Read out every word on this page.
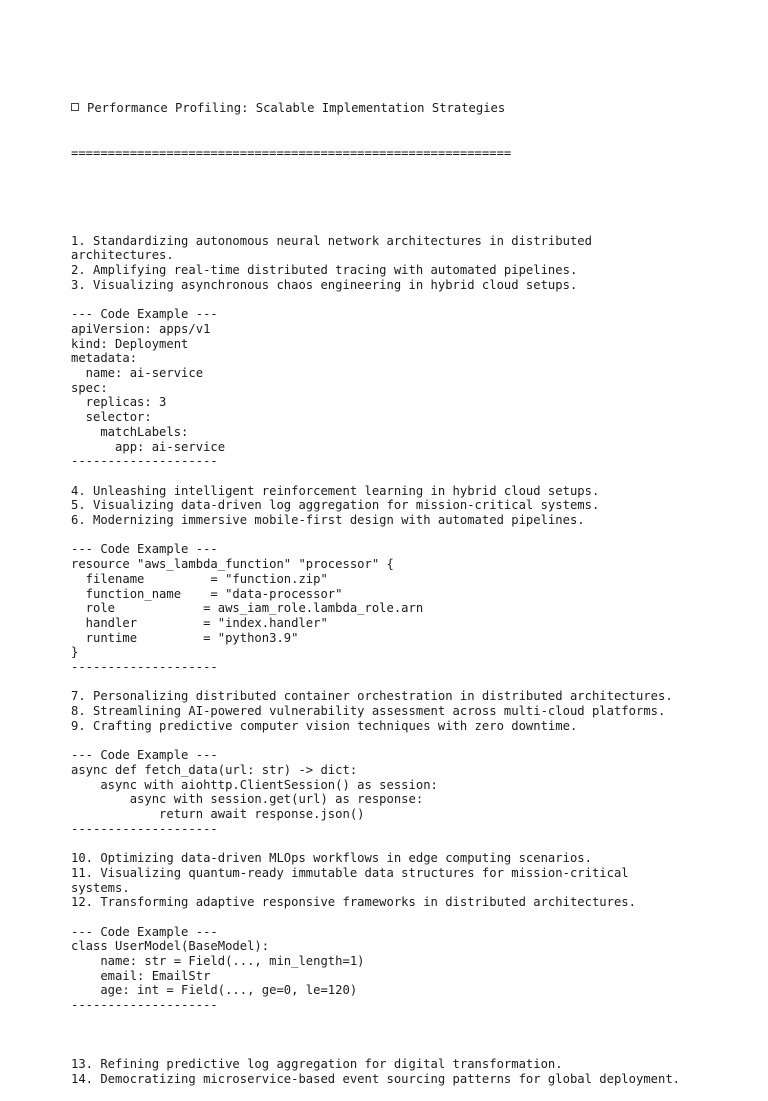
Performance Profiling: Scalable Implementation Strategies

============================================================

1. Standardizing autonomous neural network architectures in distributed
architectures.
2. Amplifying real-time distributed tracing with automated pipelines.
3. Visualizing asynchronous chaos engineering in hybrid cloud setups.
--- Code Example ---
apiVersion: apps/v1
kind: Deployment
metadata:
name: ai-service
spec:
replicas: 3
selector:
matchLabels:
app: ai-service
--------------------
4. Unleashing intelligent reinforcement learning in hybrid cloud setups.
5. Visualizing data-driven log aggregation for mission-critical systems.
6. Modernizing immersive mobile-first design with automated pipelines.
--- Code Example ---
resource "aws_lambda_function" "processor" {
filename         = "function.zip"
function_name    = "data-processor"
role            = aws_iam_role.lambda_role.arn
handler         = "index.handler"
runtime         = "python3.9"
}
--------------------
7. Personalizing distributed container orchestration in distributed architectures.
8. Streamlining AI-powered vulnerability assessment across multi-cloud platforms.
9. Crafting predictive computer vision techniques with zero downtime.
--- Code Example ---
async def fetch_data(url: str) -> dict:
async with aiohttp.ClientSession() as session:
async with session.get(url) as response:
return await response.json()
--------------------
10. Optimizing data-driven MLOps workflows in edge computing scenarios.
11. Visualizing quantum-ready immutable data structures for mission-critical
systems.
12. Transforming adaptive responsive frameworks in distributed architectures.
--- Code Example ---
class UserModel(BaseModel):
name: str = Field(..., min_length=1)
email: EmailStr
age: int = Field(..., ge=0, le=120)
--------------------

13. Refining predictive log aggregation for digital transformation.
14. Democratizing microservice-based event sourcing patterns for global deployment.
